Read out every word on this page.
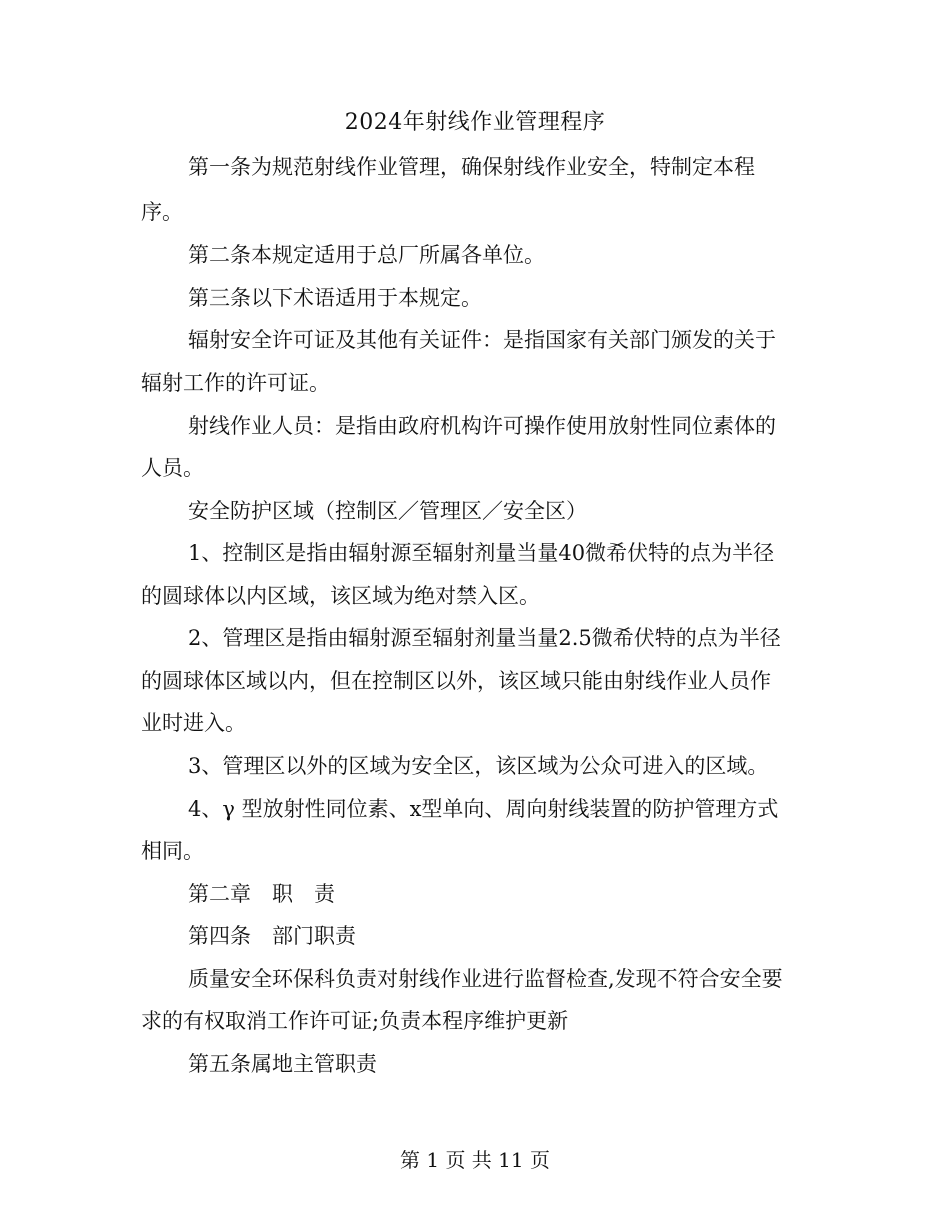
2024年射线作业管理程序
第一条为规范射线作业管理，确保射线作业安全，特制定本程
序。
第二条本规定适用于总厂所属各单位。
第三条以下术语适用于本规定。
辐射安全许可证及其他有关证件：是指国家有关部门颁发的关于
辐射工作的许可证。
射线作业人员：是指由政府机构许可操作使用放射性同位素体的
人员。
安全防护区域（控制区／管理区／安全区）
1、控制区是指由辐射源至辐射剂量当量40微希伏特的点为半径
的圆球体以内区域，该区域为绝对禁入区。
2、管理区是指由辐射源至辐射剂量当量2.5微希伏特的点为半径
的圆球体区域以内，但在控制区以外，该区域只能由射线作业人员作
业时进入。
3、管理区以外的区域为安全区，该区域为公众可进入的区域。
4、γ 型放射性同位素、x型单向、周向射线装置的防护管理方式
相同。
第二章　职　责
第四条　部门职责
质量安全环保科负责对射线作业进行监督检查,发现不符合安全要
求的有权取消工作许可证;负责本程序维护更新
第五条属地主管职责
第 1 页 共 11 页
